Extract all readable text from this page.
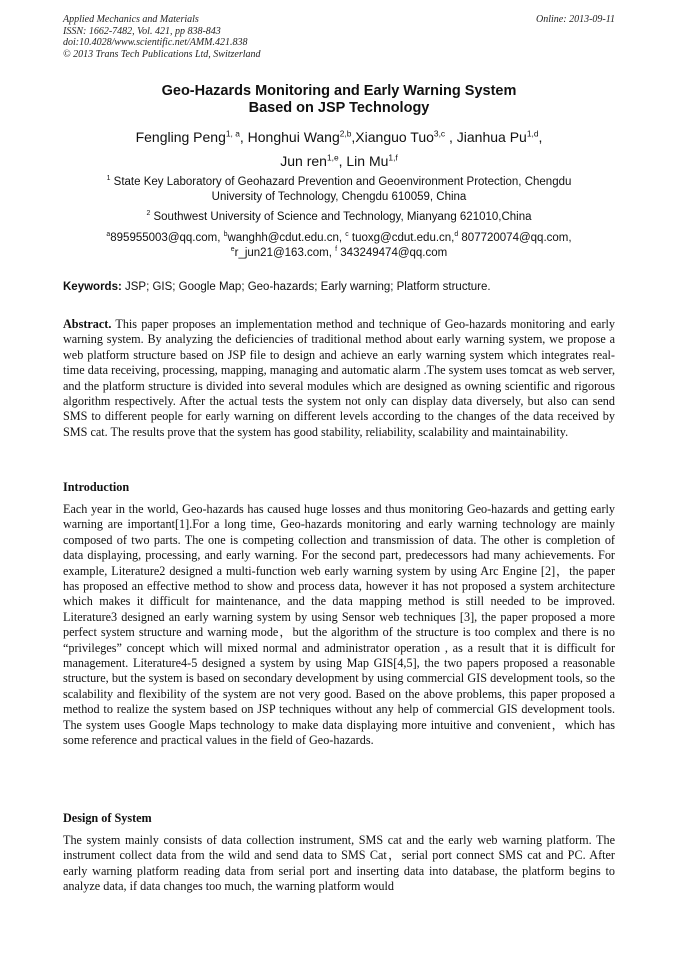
Applied Mechanics and Materials
ISSN: 1662-7482, Vol. 421, pp 838-843
doi:10.4028/www.scientific.net/AMM.421.838
© 2013 Trans Tech Publications Ltd, Switzerland
Online: 2013-09-11
Geo-Hazards Monitoring and Early Warning System
Based on JSP Technology
Fengling Peng$^{1, a}$, Honghui Wang$^{2,b}$,Xianguo Tuo$^{3,c}$ , Jianhua Pu$^{1,d}$,
Jun ren$^{1,e}$, Lin Mu$^{1,f}$
$^1$ State Key Laboratory of Geohazard Prevention and Geoenvironment Protection, Chengdu
University of Technology, Chengdu 610059, China
$^2$ Southwest University of Science and Technology, Mianyang 621010,China
$^a$895955003@qq.com, $^b$wanghh@cdut.edu.cn, $^c$ tuoxg@cdut.edu.cn,$^d$ 807720074@qq.com,
$^e$r_jun21@163.com, $^f$ 343249474@qq.com
Keywords: JSP; GIS; Google Map; Geo-hazards; Early warning; Platform structure.
Abstract. This paper proposes an implementation method and technique of Geo-hazards monitoring and early warning system. By analyzing the deficiencies of traditional method about early warning system, we propose a web platform structure based on JSP file to design and achieve an early warning system which integrates real-time data receiving, processing, mapping, managing and automatic alarm .The system uses tomcat as web server, and the platform structure is divided into several modules which are designed as owning scientific and rigorous algorithm respectively. After the actual tests the system not only can display data diversely, but also can send SMS to different people for early warning on different levels according to the changes of the data received by SMS cat. The results prove that the system has good stability, reliability, scalability and maintainability.
Introduction
Each year in the world, Geo-hazards has caused huge losses and thus monitoring Geo-hazards and getting early warning are important[1].For a long time, Geo-hazards monitoring and early warning technology are mainly composed of two parts. The one is competing collection and transmission of data. The other is completion of data displaying, processing, and early warning. For the second part, predecessors had many achievements. For example, Literature2 designed a multi-function web early warning system by using Arc Engine [2]，the paper has proposed an effective method to show and process data, however it has not proposed a system architecture which makes it difficult for maintenance, and the data mapping method is still needed to be improved. Literature3 designed an early warning system by using Sensor web techniques [3], the paper proposed a more perfect system structure and warning mode，but the algorithm of the structure is too complex and there is no “privileges” concept which will mixed normal and administrator operation , as a result that it is difficult for management. Literature4-5 designed a system by using Map GIS[4,5], the two papers proposed a reasonable structure, but the system is based on secondary development by using commercial GIS development tools, so the scalability and flexibility of the system are not very good. Based on the above problems, this paper proposed a method to realize the system based on JSP techniques without any help of commercial GIS development tools. The system uses Google Maps technology to make data displaying more intuitive and convenient，which has some reference and practical values in the field of Geo-hazards.
Design of System
The system mainly consists of data collection instrument, SMS cat and the early web warning platform. The instrument collect data from the wild and send data to SMS Cat，serial port connect SMS cat and PC. After early warning platform reading data from serial port and inserting data into database, the platform begins to analyze data, if data changes too much, the warning platform would
